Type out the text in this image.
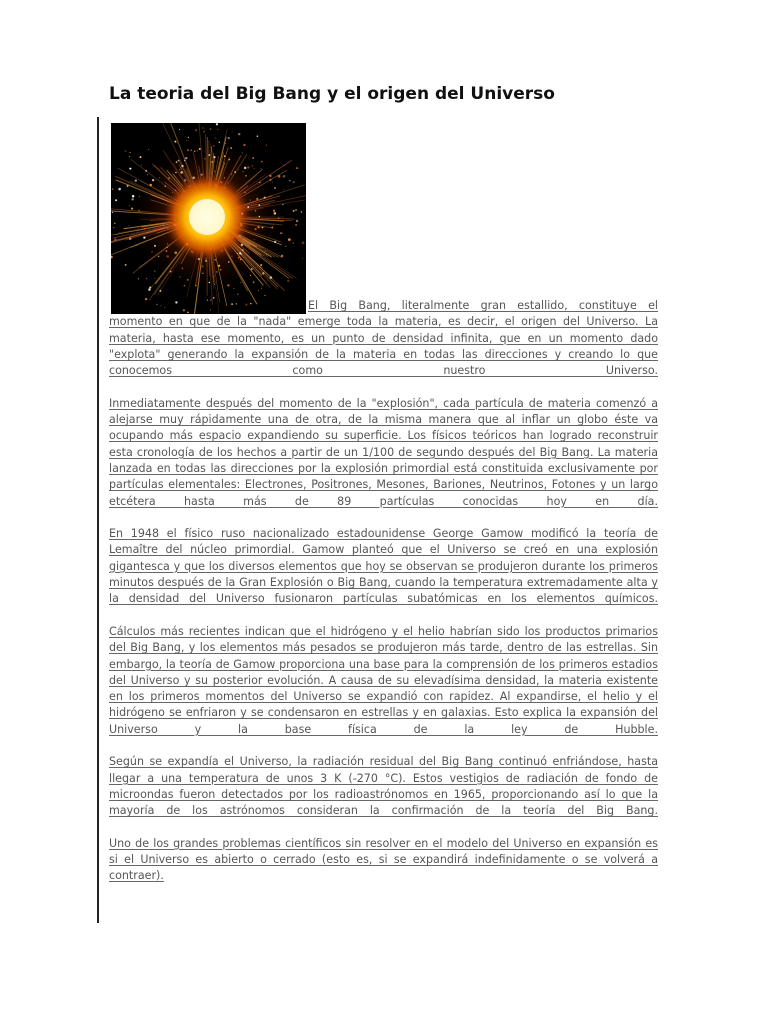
La teoria del Big Bang y el origen del Universo

El Big Bang, literalmente gran estallido, constituye el momento en que de la "nada" emerge toda la materia, es decir, el origen del Universo. La materia, hasta ese momento, es un punto de densidad infinita, que en un momento dado "explota" generando la expansión de la materia en todas las direcciones y creando lo que conocemos como nuestro Universo.

Inmediatamente después del momento de la "explosión", cada partícula de materia comenzó a alejarse muy rápidamente una de otra, de la misma manera que al inflar un globo éste va ocupando más espacio expandiendo su superficie. Los físicos teóricos han logrado reconstruir esta cronología de los hechos a partir de un 1/100 de segundo después del Big Bang. La materia lanzada en todas las direcciones por la explosión primordial está constituida exclusivamente por partículas elementales: Electrones, Positrones, Mesones, Bariones, Neutrinos, Fotones y un largo etcétera hasta más de 89 partículas conocidas hoy en día.

En 1948 el físico ruso nacionalizado estadounidense George Gamow modificó la teoría de Lemaître del núcleo primordial. Gamow planteó que el Universo se creó en una explosión gigantesca y que los diversos elementos que hoy se observan se produjeron durante los primeros minutos después de la Gran Explosión o Big Bang, cuando la temperatura extremadamente alta y la densidad del Universo fusionaron partículas subatómicas en los elementos químicos.

Cálculos más recientes indican que el hidrógeno y el helio habrían sido los productos primarios del Big Bang, y los elementos más pesados se produjeron más tarde, dentro de las estrellas. Sin embargo, la teoría de Gamow proporciona una base para la comprensión de los primeros estadios del Universo y su posterior evolución. A causa de su elevadísima densidad, la materia existente en los primeros momentos del Universo se expandió con rapidez. Al expandirse, el helio y el hidrógeno se enfriaron y se condensaron en estrellas y en galaxias. Esto explica la expansión del Universo y la base física de la ley de Hubble.

Según se expandía el Universo, la radiación residual del Big Bang continuó enfriándose, hasta llegar a una temperatura de unos 3 K (-270 °C). Estos vestigios de radiación de fondo de microondas fueron detectados por los radioastrónomos en 1965, proporcionando así lo que la mayoría de los astrónomos consideran la confirmación de la teoría del Big Bang.

Uno de los grandes problemas científicos sin resolver en el modelo del Universo en expansión es si el Universo es abierto o cerrado (esto es, si se expandirá indefinidamente o se volverá a contraer).
